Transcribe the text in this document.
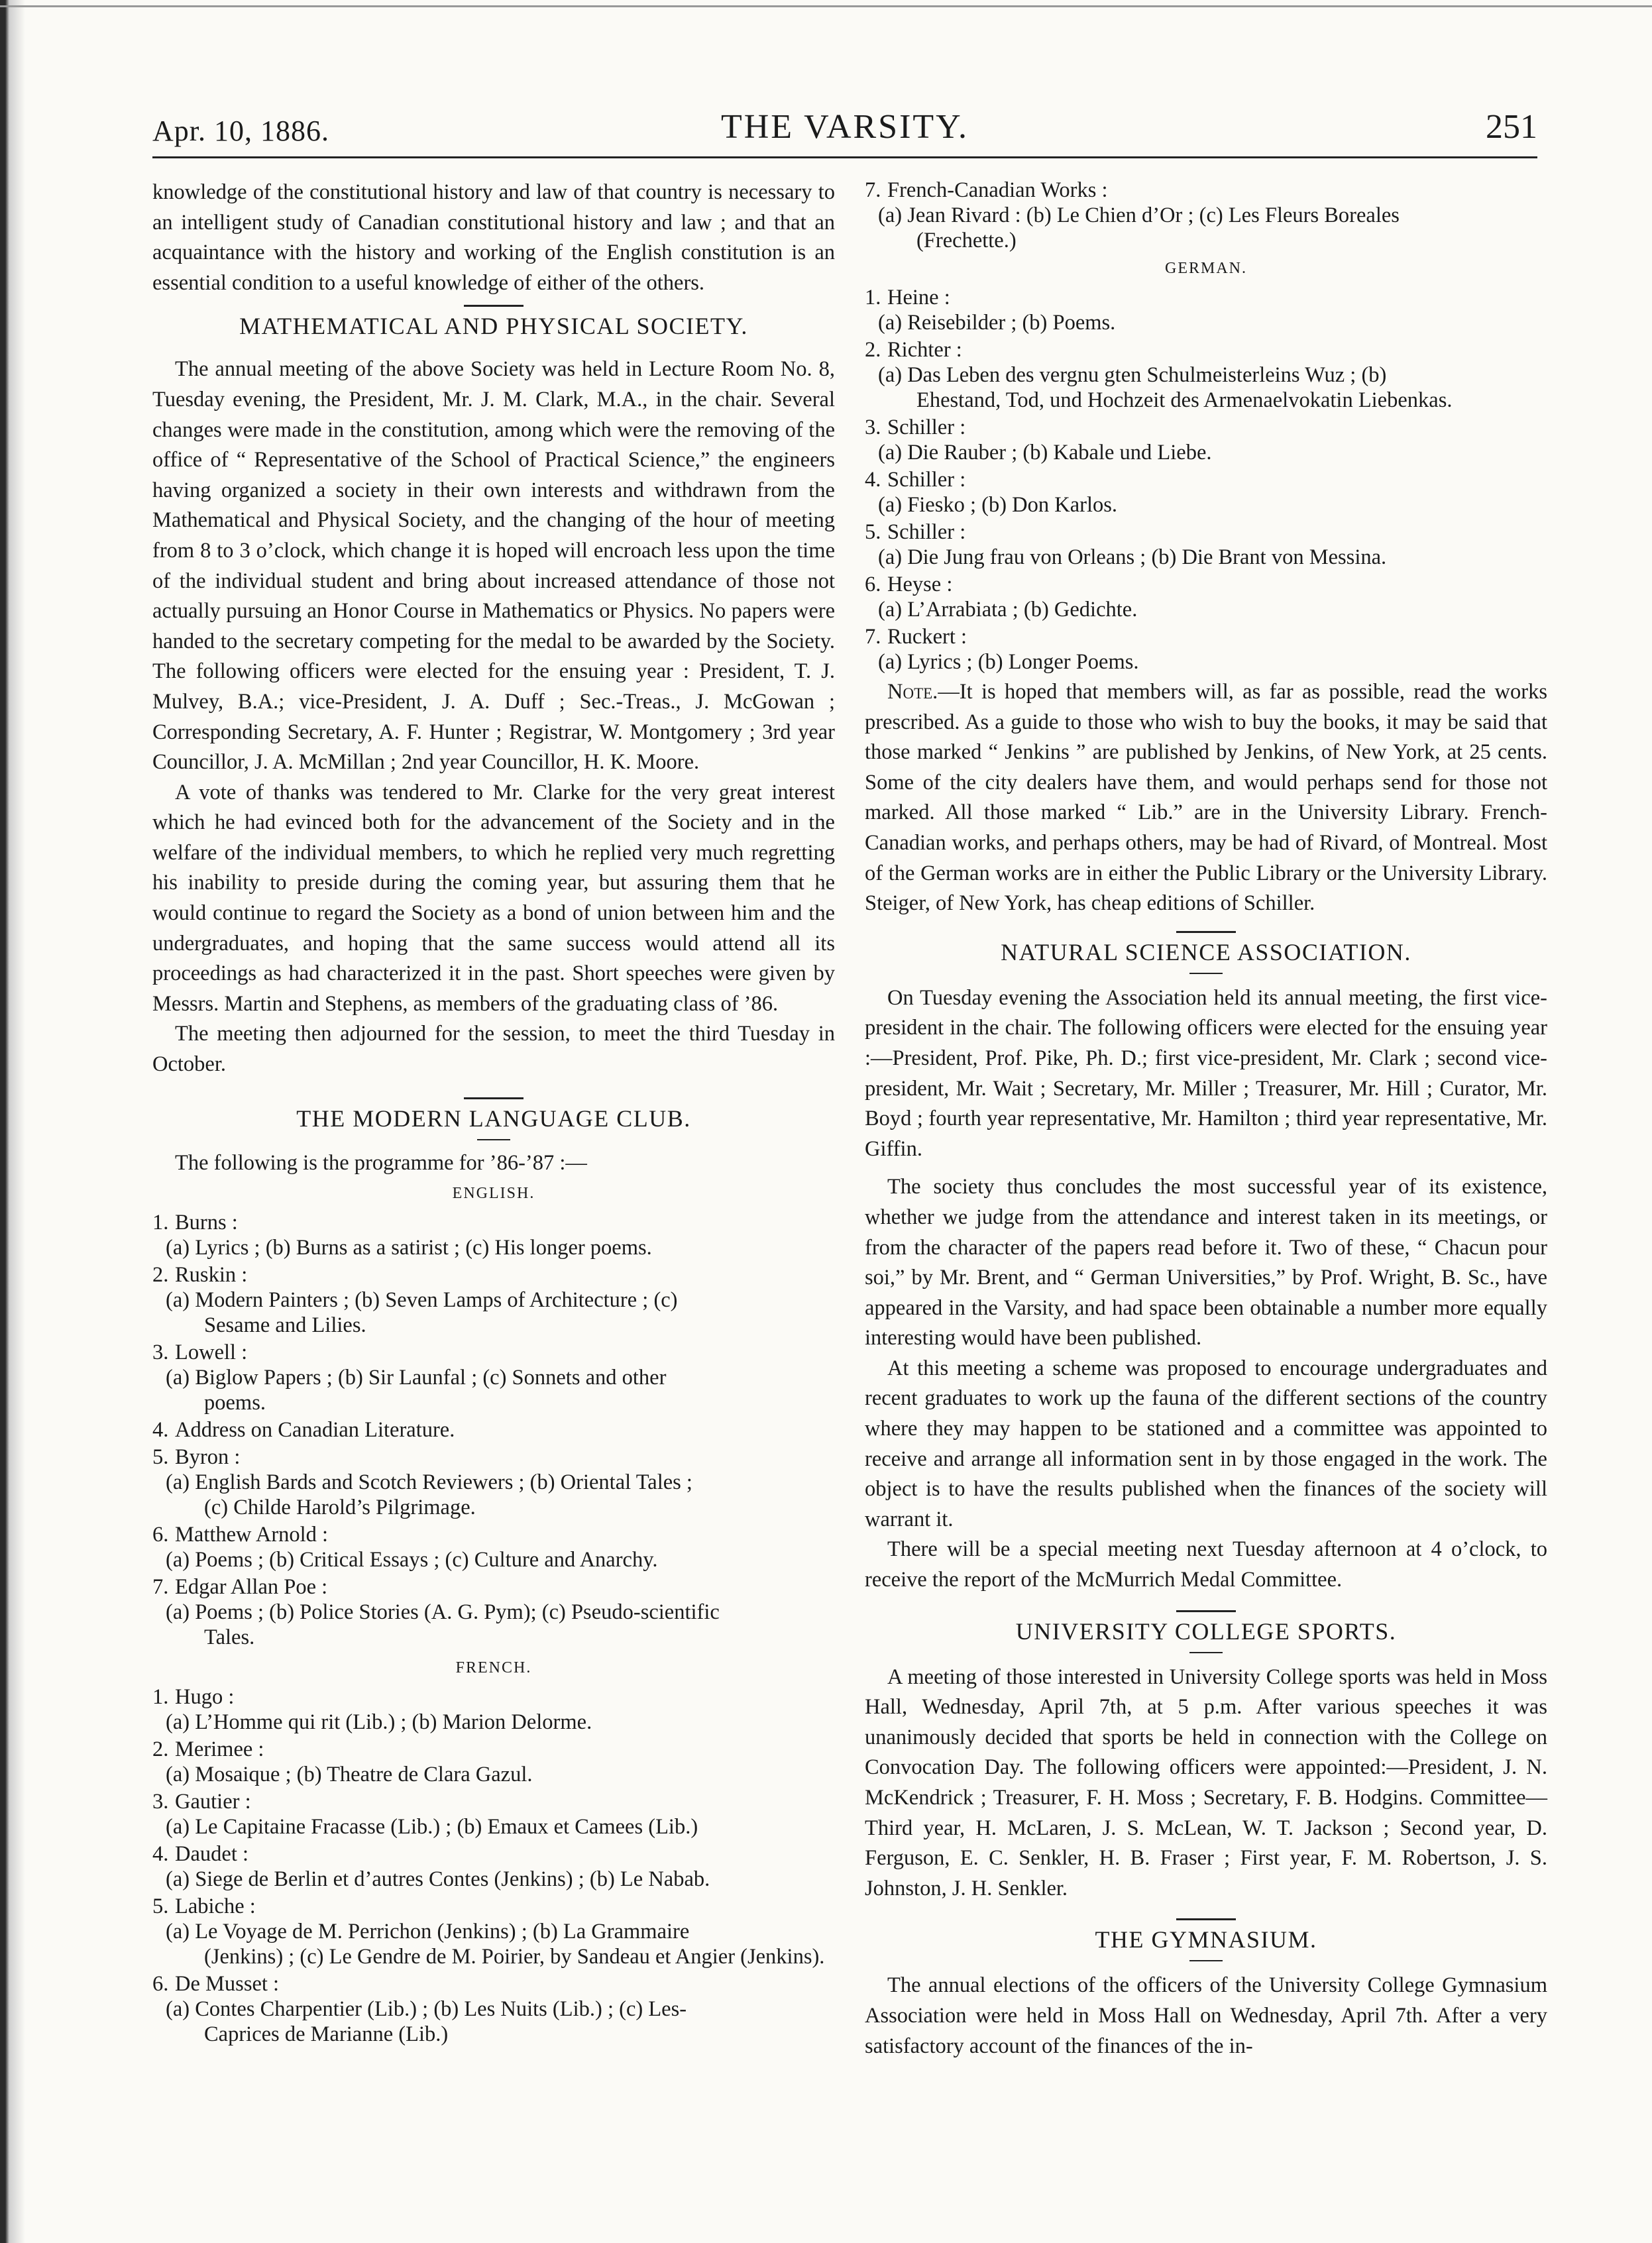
Apr. 10, 1886.	THE VARSITY.	251

knowledge of the constitutional history and law of that country is necessary to an intelligent study of Canadian constitutional history and law ; and that an acquaintance with the history and working of the English constitution is an essential condition to a useful knowledge of either of the others.

MATHEMATICAL AND PHYSICAL SOCIETY.

The annual meeting of the above Society was held in Lecture Room No. 8, Tuesday evening, the President, Mr. J. M. Clark, M.A., in the chair. Several changes were made in the constitution, among which were the removing of the office of “ Representative of the School of Practical Science,” the engineers having organized a society in their own interests and withdrawn from the Mathematical and Physical Society, and the changing of the hour of meeting from 8 to 3 o’clock, which change it is hoped will encroach less upon the time of the individual student and bring about increased attendance of those not actually pursuing an Honor Course in Mathematics or Physics. No papers were handed to the secretary competing for the medal to be awarded by the Society. The following officers were elected for the ensuing year : President, T. J. Mulvey, B.A.; vice-President, J. A. Duff ; Sec.-Treas., J. McGowan ; Corresponding Secretary, A. F. Hunter ; Registrar, W. Montgomery ; 3rd year Councillor, J. A. McMillan ; 2nd year Councillor, H. K. Moore.

A vote of thanks was tendered to Mr. Clarke for the very great interest which he had evinced both for the advancement of the Society and in the welfare of the individual members, to which he replied very much regretting his inability to preside during the coming year, but assuring them that he would continue to regard the Society as a bond of union between him and the undergraduates, and hoping that the same success would attend all its proceedings as had characterized it in the past. Short speeches were given by Messrs. Martin and Stephens, as members of the graduating class of ’86.

The meeting then adjourned for the session, to meet the third Tuesday in October.

THE MODERN LANGUAGE CLUB.

The following is the programme for ’86-’87 :—

ENGLISH.
1. Burns :
(a) Lyrics ; (b) Burns as a satirist ; (c) His longer poems.
2. Ruskin :
(a) Modern Painters ; (b) Seven Lamps of Architecture ; (c)
Sesame and Lilies.
3. Lowell :
(a) Biglow Papers ; (b) Sir Launfal ; (c) Sonnets and other
poems.
4. Address on Canadian Literature.
5. Byron :
(a) English Bards and Scotch Reviewers ; (b) Oriental Tales ;
(c) Childe Harold’s Pilgrimage.
6. Matthew Arnold :
(a) Poems ; (b) Critical Essays ; (c) Culture and Anarchy.
7. Edgar Allan Poe :
(a) Poems ; (b) Police Stories (A. G. Pym); (c) Pseudo-scientific
Tales.
FRENCH.
1. Hugo :
(a) L’Homme qui rit (Lib.) ; (b) Marion Delorme.
2. Merimee :
(a) Mosaique ; (b) Theatre de Clara Gazul.
3. Gautier :
(a) Le Capitaine Fracasse (Lib.) ; (b) Emaux et Camees (Lib.)
4. Daudet :
(a) Siege de Berlin et d’autres Contes (Jenkins) ; (b) Le Nabab.
5. Labiche :
(a) Le Voyage de M. Perrichon (Jenkins) ; (b) La Grammaire
(Jenkins) ; (c) Le Gendre de M. Poirier, by Sandeau et Angier (Jenkins).
6. De Musset :
(a) Contes Charpentier (Lib.) ; (b) Les Nuits (Lib.) ; (c) Les-
Caprices de Marianne (Lib.)
7. French-Canadian Works :
(a) Jean Rivard : (b) Le Chien d’Or ; (c) Les Fleurs Boreales
(Frechette.)
GERMAN.
1. Heine :
(a) Reisebilder ; (b) Poems.
2. Richter :
(a) Das Leben des vergnu gten Schulmeisterleins Wuz ; (b)
Ehestand, Tod, und Hochzeit des Armenaelvokatin Liebenkas.
3. Schiller :
(a) Die Rauber ; (b) Kabale und Liebe.
4. Schiller :
(a) Fiesko ; (b) Don Karlos.
5. Schiller :
(a) Die Jung frau von Orleans ; (b) Die Brant von Messina.
6. Heyse :
(a) L’Arrabiata ; (b) Gedichte.
7. Ruckert :
(a) Lyrics ; (b) Longer Poems.

Note.—It is hoped that members will, as far as possible, read the works prescribed. As a guide to those who wish to buy the books, it may be said that those marked “ Jenkins ” are published by Jenkins, of New York, at 25 cents. Some of the city dealers have them, and would perhaps send for those not marked. All those marked “ Lib.” are in the University Library. French-Canadian works, and perhaps others, may be had of Rivard, of Montreal. Most of the German works are in either the Public Library or the University Library. Steiger, of New York, has cheap editions of Schiller.

NATURAL SCIENCE ASSOCIATION.

On Tuesday evening the Association held its annual meeting, the first vice-president in the chair. The following officers were elected for the ensuing year :—President, Prof. Pike, Ph. D.; first vice-president, Mr. Clark ; second vice-president, Mr. Wait ; Secretary, Mr. Miller ; Treasurer, Mr. Hill ; Curator, Mr. Boyd ; fourth year representative, Mr. Hamilton ; third year representative, Mr. Giffin.

The society thus concludes the most successful year of its existence, whether we judge from the attendance and interest taken in its meetings, or from the character of the papers read before it. Two of these, “ Chacun pour soi,” by Mr. Brent, and “ German Universities,” by Prof. Wright, B. Sc., have appeared in the Varsity, and had space been obtainable a number more equally interesting would have been published.

At this meeting a scheme was proposed to encourage undergraduates and recent graduates to work up the fauna of the different sections of the country where they may happen to be stationed and a committee was appointed to receive and arrange all information sent in by those engaged in the work. The object is to have the results published when the finances of the society will warrant it.

There will be a special meeting next Tuesday afternoon at 4 o’clock, to receive the report of the McMurrich Medal Committee.

UNIVERSITY COLLEGE SPORTS.

A meeting of those interested in University College sports was held in Moss Hall, Wednesday, April 7th, at 5 p.m. After various speeches it was unanimously decided that sports be held in connection with the College on Convocation Day. The following officers were appointed:—President, J. N. McKendrick ; Treasurer, F. H. Moss ; Secretary, F. B. Hodgins. Committee—Third year, H. McLaren, J. S. McLean, W. T. Jackson ; Second year, D. Ferguson, E. C. Senkler, H. B. Fraser ; First year, F. M. Robertson, J. S. Johnston, J. H. Senkler.

THE GYMNASIUM.

The annual elections of the officers of the University College Gymnasium Association were held in Moss Hall on Wednesday, April 7th. After a very satisfactory account of the finances of the in-
